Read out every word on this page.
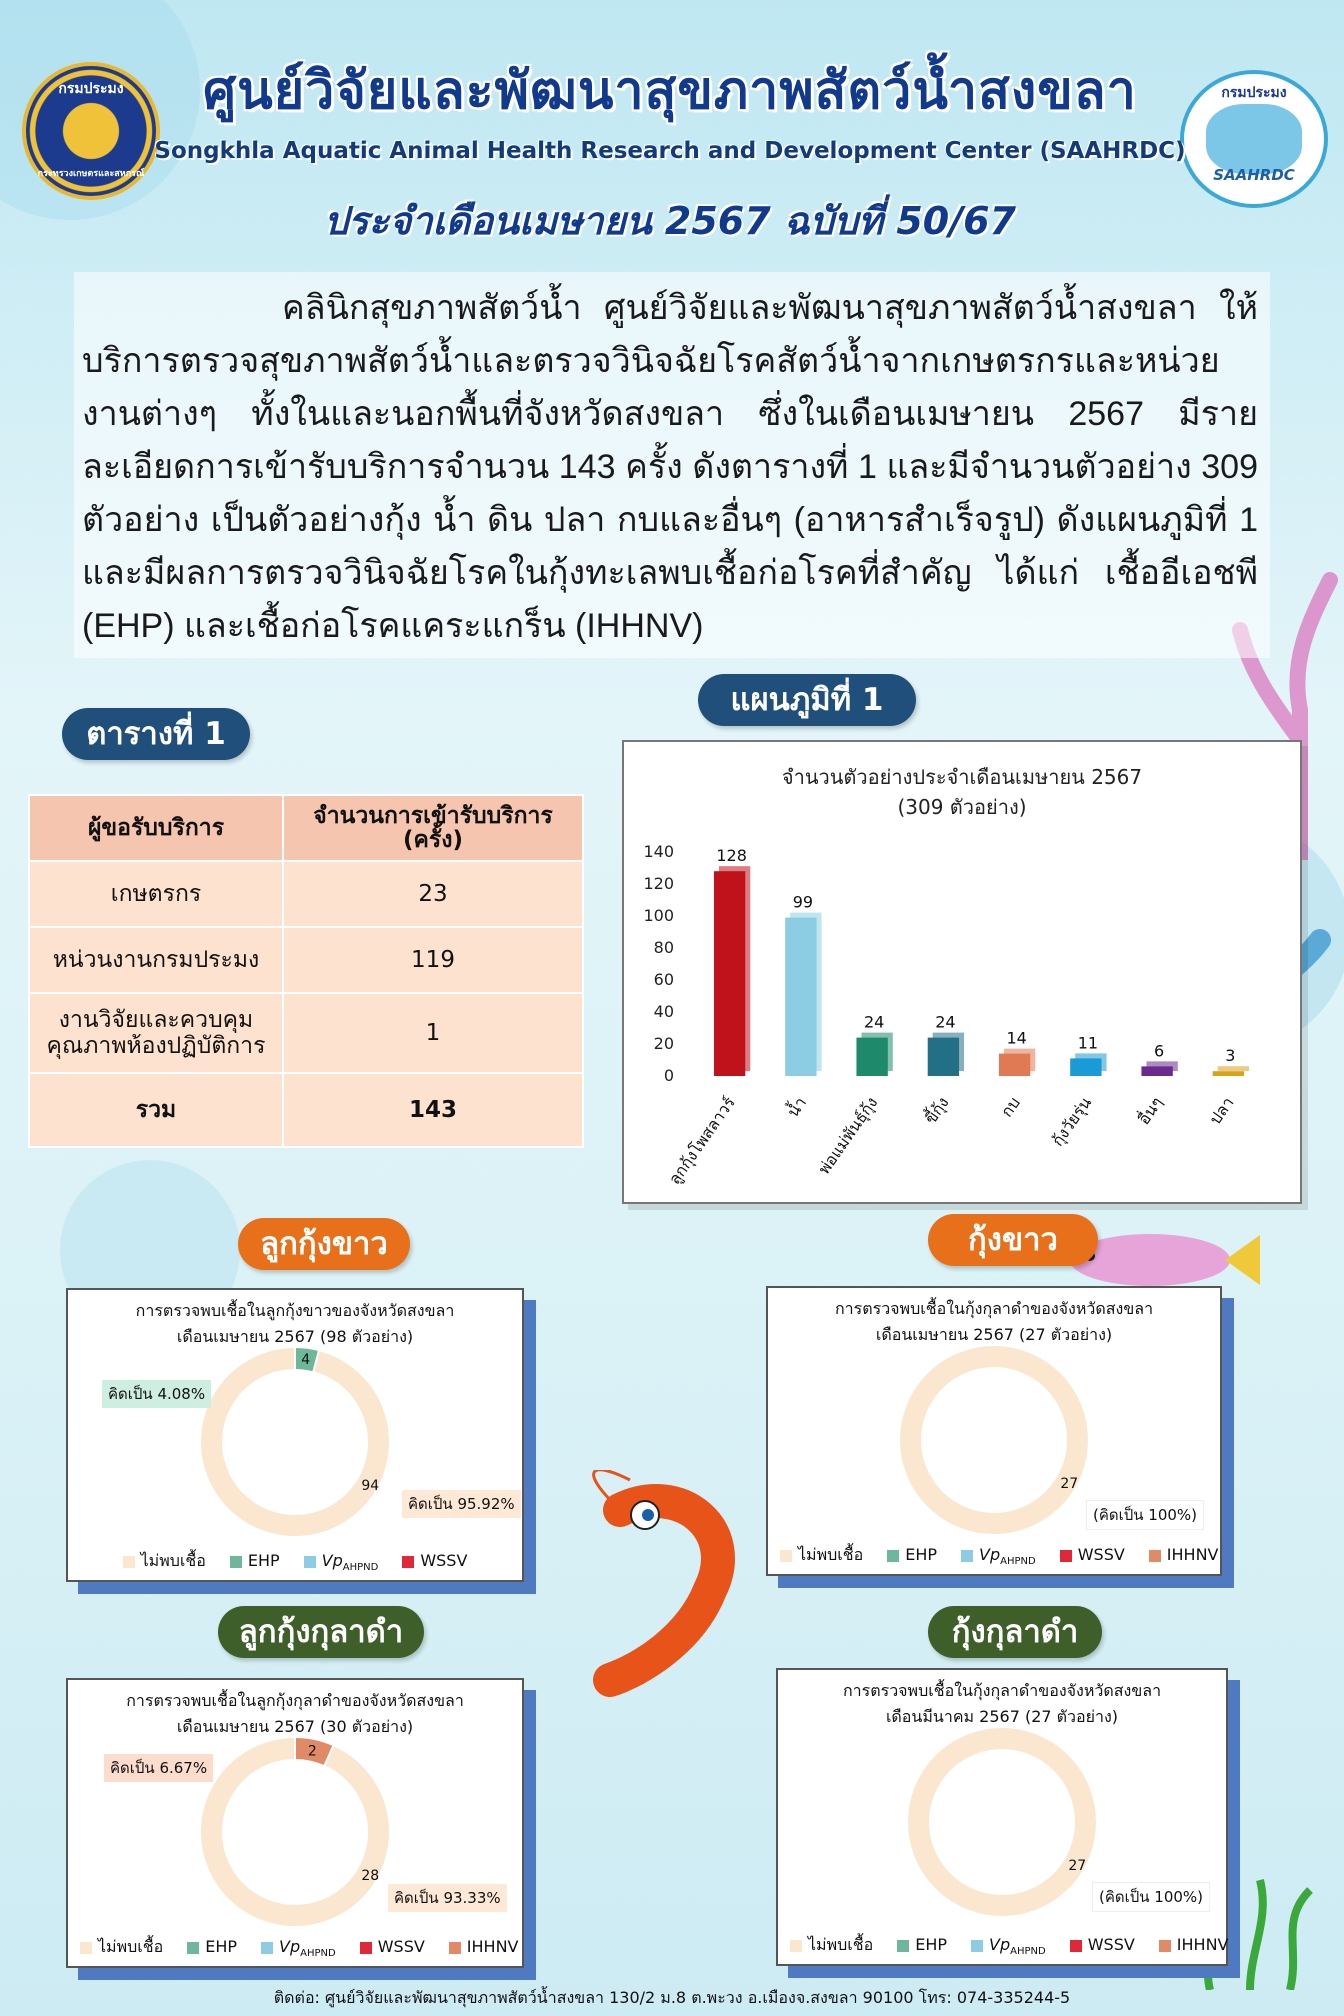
กรมประมง
กระทรวงเกษตรและสหกรณ์
กรมประมง
SAAHRDC
ศูนย์วิจัยและพัฒนาสุขภาพสัตว์น้ำสงขลา
Songkhla Aquatic Animal Health Research and Development Center (SAAHRDC)
ประจำเดือนเมษายน 2567 ฉบับที่ 50/67

คลินิกสุขภาพสัตว์น้ำ ศูนย์วิจัยและพัฒนาสุขภาพสัตว์น้ำสงขลา ให้บริการตรวจสุขภาพสัตว์น้ำและตรวจวินิจฉัยโรคสัตว์น้ำจากเกษตรกรและหน่วยงานต่างๆ ทั้งในและนอกพื้นที่จังหวัดสงขลา ซึ่งในเดือนเมษายน 2567 มีรายละเอียดการเข้ารับบริการจำนวน 143 ครั้ง ดังตารางที่ 1 และมีจำนวนตัวอย่าง 309 ตัวอย่าง เป็นตัวอย่างกุ้ง น้ำ ดิน ปลา กบและอื่นๆ (อาหารสำเร็จรูป) ดังแผนภูมิที่ 1 และมีผลการตรวจวินิจฉัยโรคในกุ้งทะเลพบเชื้อก่อโรคที่สำคัญ ได้แก่ เชื้ออีเอชพี (EHP) และเชื้อก่อโรคแคระแกร็น (IHHNV)

ตารางที่ 1
แผนภูมิที่ 1
ผู้ขอรับบริการ	จำนวนการเข้ารับบริการ (ครั้ง)
เกษตรกร	23
หน่วนงานกรมประมง	119
งานวิจัยและควบคุมคุณภาพห้องปฏิบัติการ	1
รวม	143
จำนวนตัวอย่างประจำเดือนเมษายน 2567
(309 ตัวอย่าง)
0
20
40
60
80
100
120
140	128
ลูกกุ้งโพสลาวร์
99
น้ำ
24
พ่อแม่พันธุ์กุ้ง
24
ขี้กุ้ง
14
กบ
11
กุ้งวัยรุ่น
6
อื่นๆ
3
ปลา
ลูกกุ้งขาว	กุ้งขาว
ลูกกุ้งกุลาดำ	กุ้งกุลาดำ
การตรวจพบเชื้อในลูกกุ้งขาวของจังหวัดสงขลา
เดือนเมษายน 2567 (98 ตัวอย่าง)
4
94
คิดเป็น 4.08%
คิดเป็น 95.92%
ไม่พบเชื้อ	EHP	$Vp_{AHPND}$	WSSV
การตรวจพบเชื้อในกุ้งกุลาดำของจังหวัดสงขลา
เดือนเมษายน 2567 (27 ตัวอย่าง)
27
(คิดเป็น 100%)
ไม่พบเชื้อ	EHP	$Vp_{AHPND}$	WSSV	IHHNV
การตรวจพบเชื้อในลูกกุ้งกุลาดำของจังหวัดสงขลา
เดือนเมษายน 2567 (30 ตัวอย่าง)
2
28
คิดเป็น 6.67%
คิดเป็น 93.33%
ไม่พบเชื้อ	EHP	$Vp_{AHPND}$	WSSV	IHHNV
การตรวจพบเชื้อในกุ้งกุลาดำของจังหวัดสงขลา
เดือนมีนาคม 2567 (27 ตัวอย่าง)
27
(คิดเป็น 100%)
ไม่พบเชื้อ	EHP	$Vp_{AHPND}$	WSSV	IHHNV
ติดต่อ: ศูนย์วิจัยและพัฒนาสุขภาพสัตว์น้ำสงขลา 130/2 ม.8 ต.พะวง อ.เมืองจ.สงขลา 90100 โทร: 074-335244-5
